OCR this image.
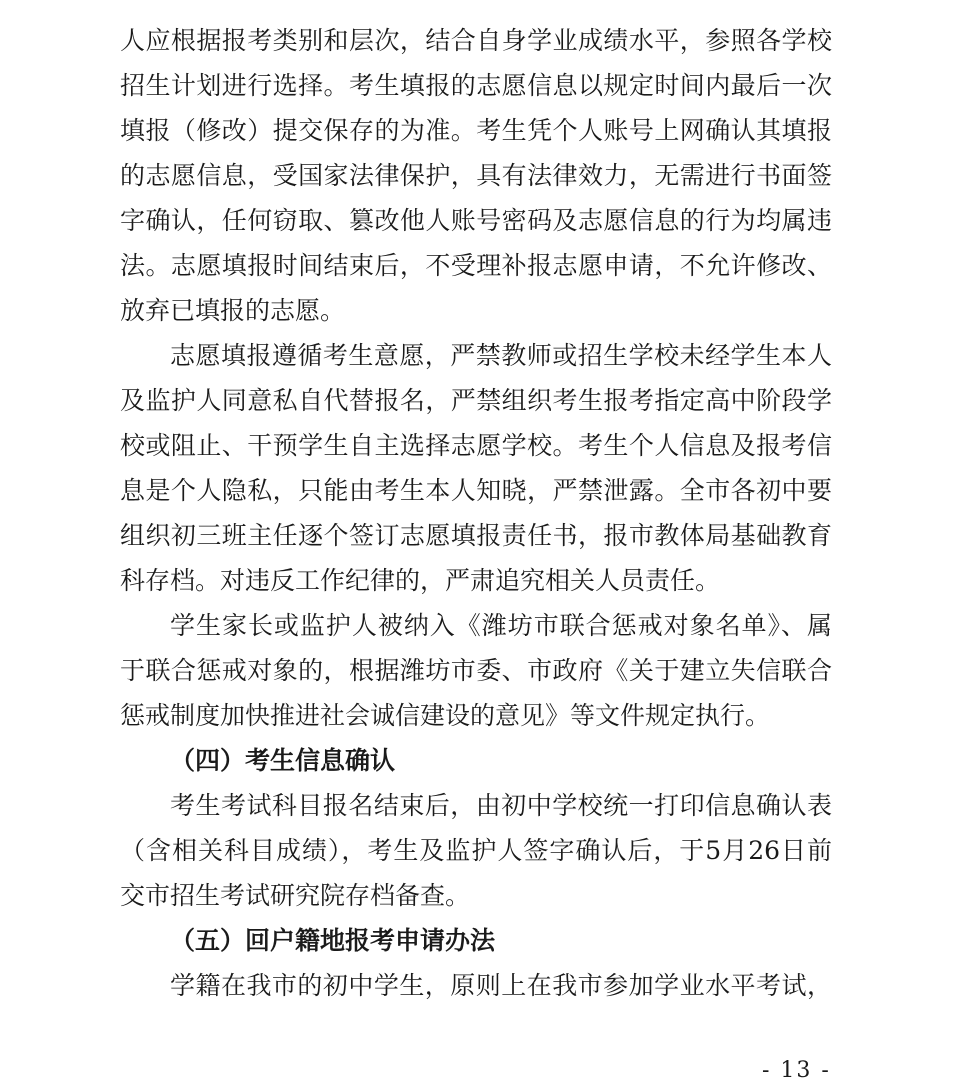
人应根据报考类别和层次，结合自身学业成绩水平，参照各学校
招生计划进行选择。考生填报的志愿信息以规定时间内最后一次
填报（修改）提交保存的为准。考生凭个人账号上网确认其填报
的志愿信息，受国家法律保护，具有法律效力，无需进行书面签
字确认，任何窃取、篡改他人账号密码及志愿信息的行为均属违
法。志愿填报时间结束后，不受理补报志愿申请，不允许修改、
放弃已填报的志愿。
志愿填报遵循考生意愿，严禁教师或招生学校未经学生本人
及监护人同意私自代替报名，严禁组织考生报考指定高中阶段学
校或阻止、干预学生自主选择志愿学校。考生个人信息及报考信
息是个人隐私，只能由考生本人知晓，严禁泄露。全市各初中要
组织初三班主任逐个签订志愿填报责任书，报市教体局基础教育
科存档。对违反工作纪律的，严肃追究相关人员责任。
学生家长或监护人被纳入《潍坊市联合惩戒对象名单》、属
于联合惩戒对象的，根据潍坊市委、市政府《关于建立失信联合
惩戒制度加快推进社会诚信建设的意见》等文件规定执行。
（四）考生信息确认
考生考试科目报名结束后，由初中学校统一打印信息确认表
（含相关科目成绩），考生及监护人签字确认后，于5月26日前
交市招生考试研究院存档备查。
（五）回户籍地报考申请办法
学籍在我市的初中学生，原则上在我市参加学业水平考试，
- 13 -
